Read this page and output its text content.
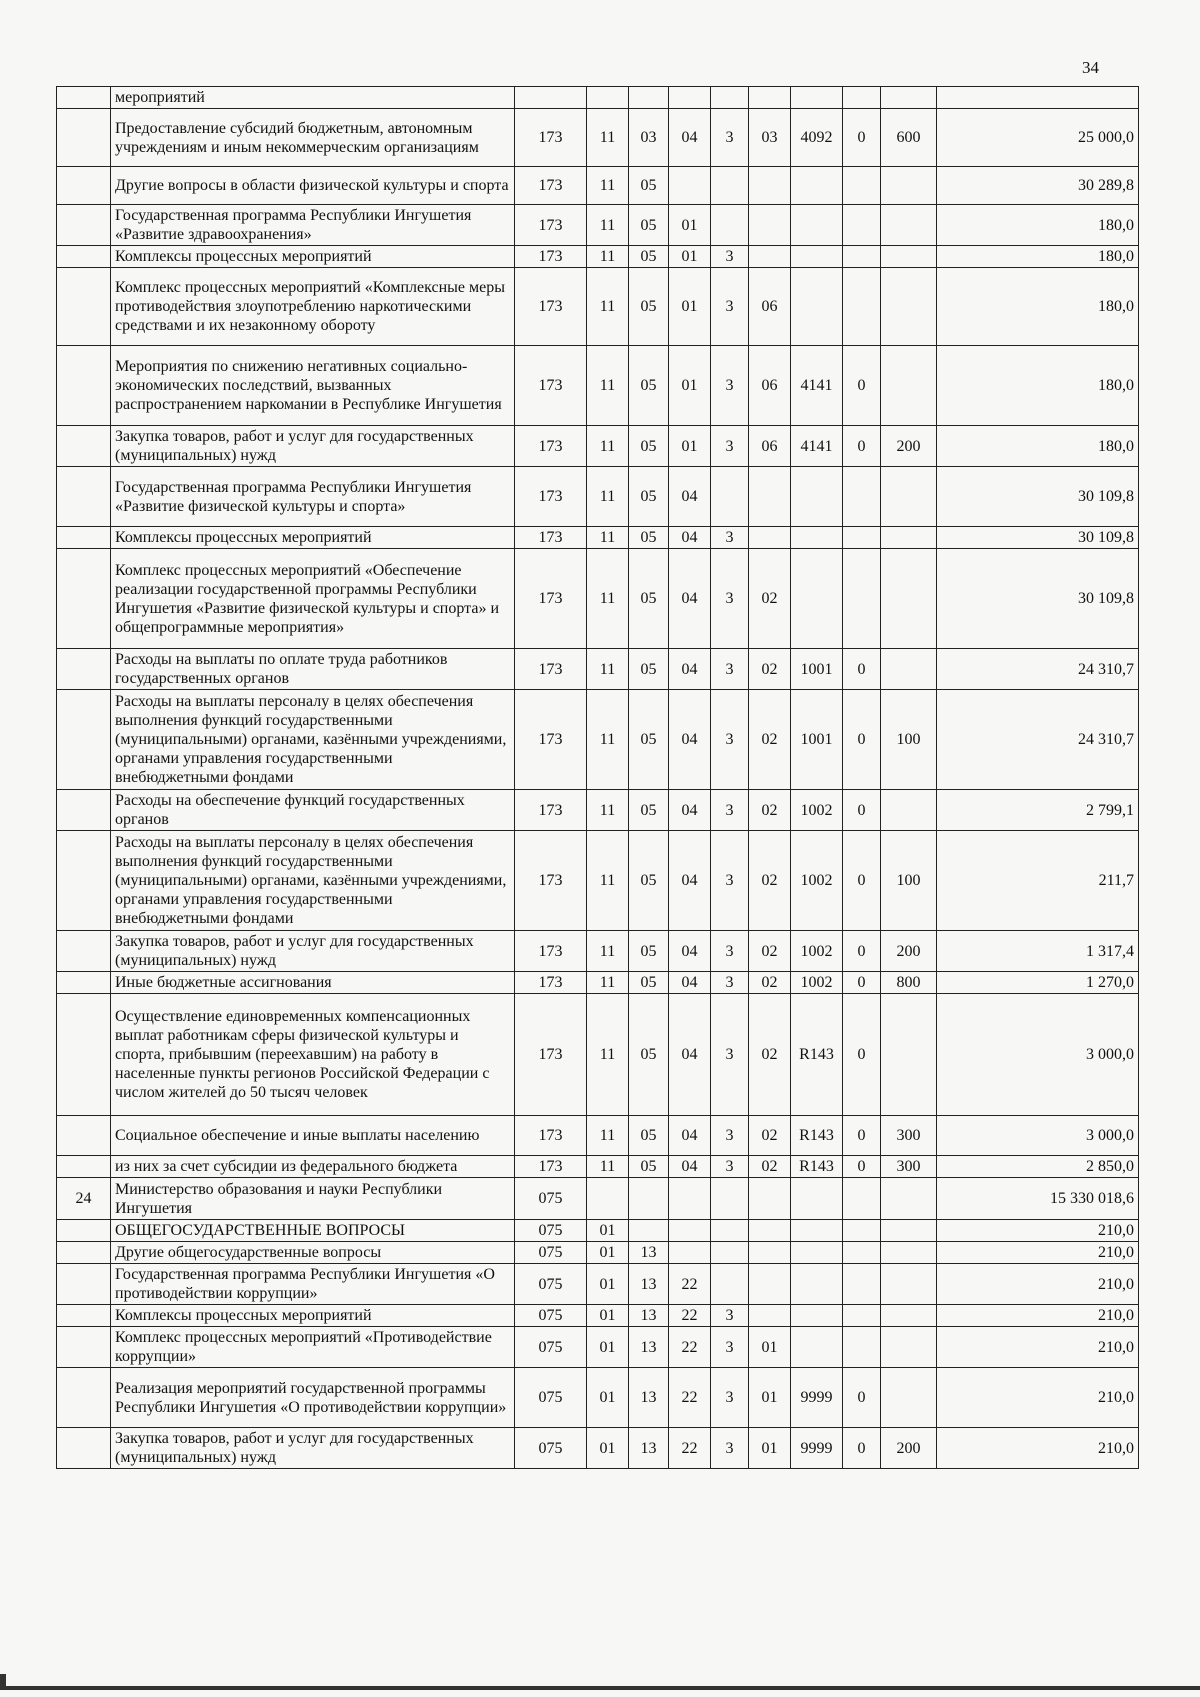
34
	мероприятий										
	Предоставление субсидий бюджетным, автономным учреждениям и иным некоммерческим организациям	173	11	03	04	3	03	4092	0	600	25 000,0
	Другие вопросы в области физической культуры и спорта	173	11	05							30 289,8
	Государственная программа Республики Ингушетия «Развитие здравоохранения»	173	11	05	01						180,0
	Комплексы процессных мероприятий	173	11	05	01	3					180,0
	Комплекс процессных мероприятий «Комплексные меры противодействия злоупотреблению наркотическими средствами и их незаконному обороту	173	11	05	01	3	06				180,0
	Мероприятия по снижению негативных социально-экономических последствий, вызванных распространением наркомании в Республике Ингушетия	173	11	05	01	3	06	4141	0		180,0
	Закупка товаров, работ и услуг для государственных (муниципальных) нужд	173	11	05	01	3	06	4141	0	200	180,0
	Государственная программа Республики Ингушетия «Развитие физической культуры и спорта»	173	11	05	04						30 109,8
	Комплексы процессных мероприятий	173	11	05	04	3					30 109,8
	Комплекс процессных мероприятий «Обеспечение реализации государственной программы Республики Ингушетия «Развитие физической культуры и спорта» и общепрограммные мероприятия»	173	11	05	04	3	02				30 109,8
	Расходы на выплаты по оплате труда работников государственных органов	173	11	05	04	3	02	1001	0		24 310,7
	Расходы на выплаты персоналу в целях обеспечения выполнения функций государственными (муниципальными) органами, казёнными учреждениями, органами управления государственными внебюджетными фондами	173	11	05	04	3	02	1001	0	100	24 310,7
	Расходы на обеспечение функций государственных органов	173	11	05	04	3	02	1002	0		2 799,1
	Расходы на выплаты персоналу в целях обеспечения выполнения функций государственными (муниципальными) органами, казёнными учреждениями, органами управления государственными внебюджетными фондами	173	11	05	04	3	02	1002	0	100	211,7
	Закупка товаров, работ и услуг для государственных (муниципальных) нужд	173	11	05	04	3	02	1002	0	200	1 317,4
	Иные бюджетные ассигнования	173	11	05	04	3	02	1002	0	800	1 270,0
	Осуществление единовременных компенсационных выплат работникам сферы физической культуры и спорта, прибывшим (переехавшим) на работу в населенные пункты регионов Российской Федерации с числом жителей до 50 тысяч человек	173	11	05	04	3	02	R143	0		3 000,0
	Социальное обеспечение и иные выплаты населению	173	11	05	04	3	02	R143	0	300	3 000,0
	из них за счет субсидии из федерального бюджета	173	11	05	04	3	02	R143	0	300	2 850,0
24	Министерство образования и науки Республики Ингушетия	075									15 330 018,6
	ОБЩЕГОСУДАРСТВЕННЫЕ ВОПРОСЫ	075	01								210,0
	Другие общегосударственные вопросы	075	01	13							210,0
	Государственная программа Республики Ингушетия «О противодействии коррупции»	075	01	13	22						210,0
	Комплексы процессных мероприятий	075	01	13	22	3					210,0
	Комплекс процессных мероприятий «Противодействие коррупции»	075	01	13	22	3	01				210,0
	Реализация мероприятий государственной программы Республики Ингушетия «О противодействии коррупции»	075	01	13	22	3	01	9999	0		210,0
	Закупка товаров, работ и услуг для государственных (муниципальных) нужд	075	01	13	22	3	01	9999	0	200	210,0
